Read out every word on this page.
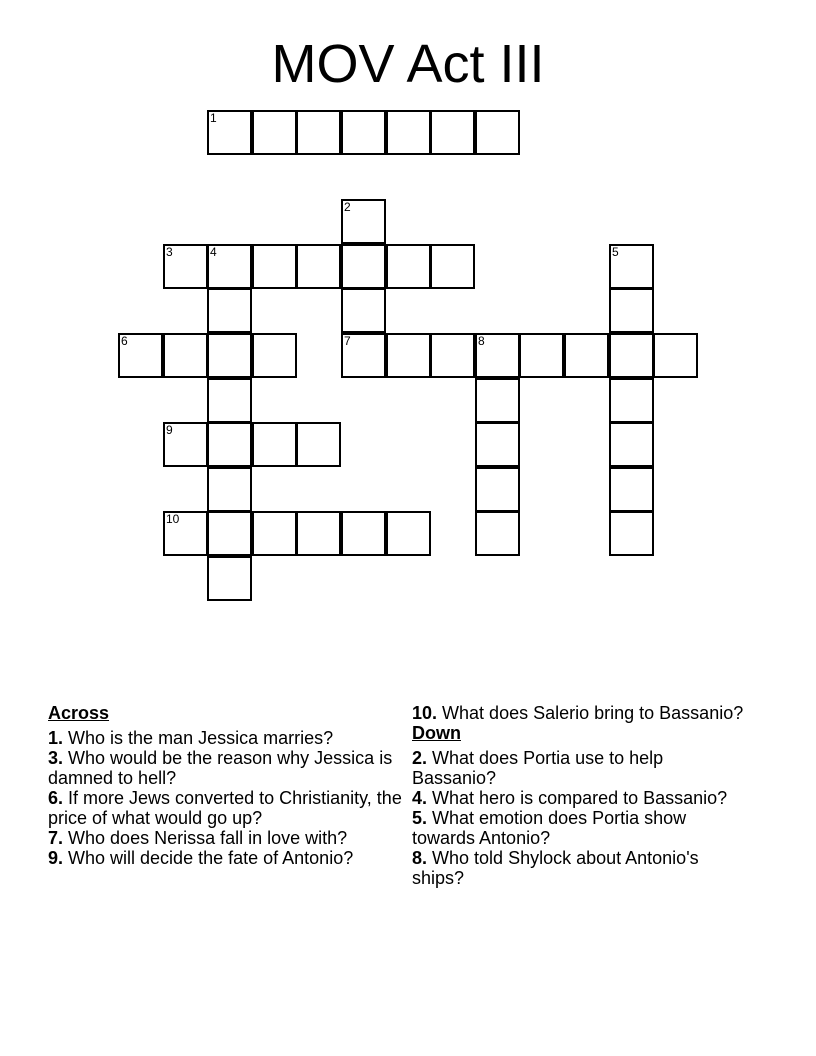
MOV Act III
1
2
7
3	4	5
6	8
9
10
Across

1. Who is the man Jessica marries?

3. Who would be the reason why Jessica is damned to hell?

6. If more Jews converted to Christianity, the price of what would go up?

7. Who does Nerissa fall in love with?

9. Who will decide the fate of Antonio?

10. What does Salerio bring to Bassanio?

Down

2. What does Portia use to help Bassanio?

4. What hero is compared to Bassanio?

5. What emotion does Portia show towards Antonio?

8. Who told Shylock about Antonio's ships?
